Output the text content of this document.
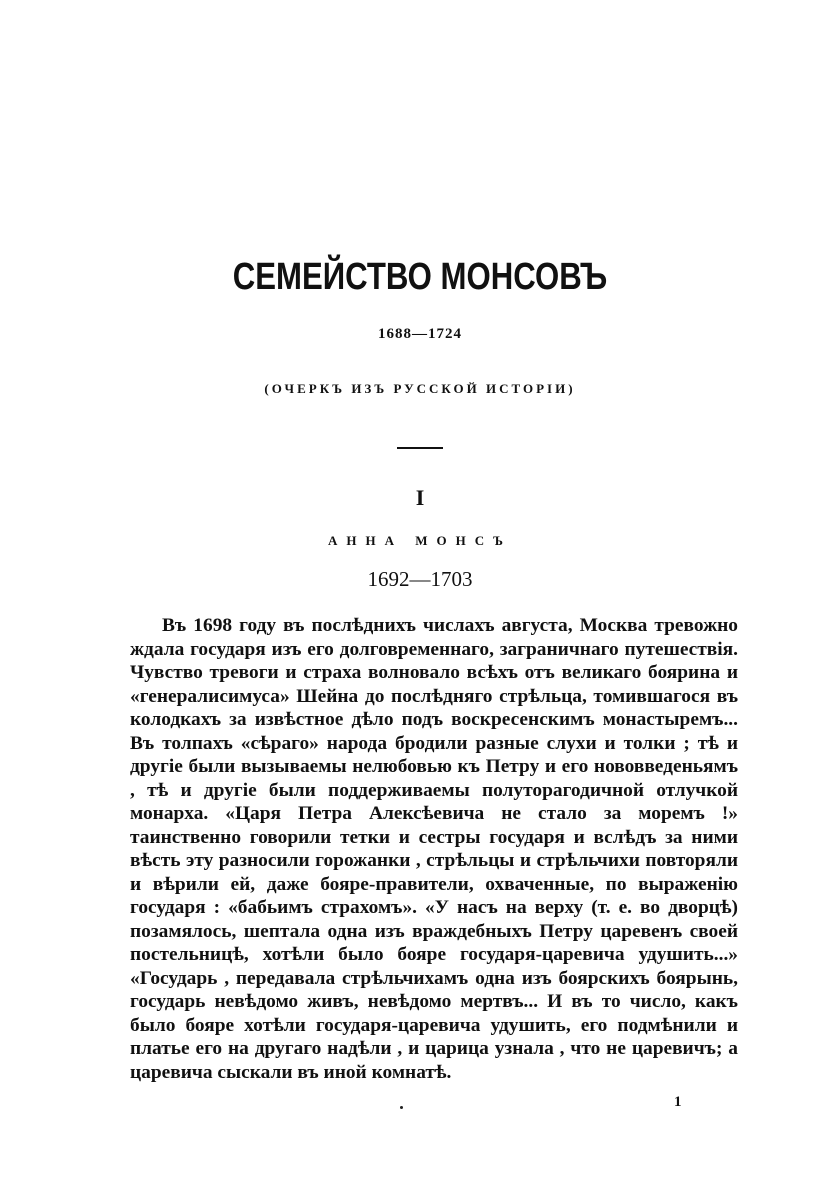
СЕМЕЙСТВО МОНСОВЪ
1688—1724
(ОЧЕРКЪ ИЗЪ РУССКОЙ ИСТОРІИ)
I
АННА МОНСЪ
1692—1703
Въ 1698 году въ послѣднихъ числахъ августа, Москва тревожно ждала государя изъ его долговременнаго, заграничнаго путешествія. Чувство тревоги и страха волновало всѣхъ отъ великаго боярина и «генералисимуса» Шейна до послѣдняго стрѣльца, томившагося въ колодкахъ за извѣстное дѣло подъ воскресенскимъ монастыремъ... Въ толпахъ «сѣраго» народа бродили разные слухи и толки ; тѣ и другіе были вызываемы нелюбовью къ Петру и его нововведеньямъ , тѣ и другіе были поддерживаемы полуторагодичной отлучкой монарха. «Царя Петра Алексѣевича не стало за моремъ !» таинственно говорили тетки и сестры государя и вслѣдъ за ними вѣсть эту разносили горожанки , стрѣльцы и стрѣльчихи повторяли и вѣрили ей, даже бояре-правители, охваченные, по выраженію государя : «бабьимъ страхомъ». «У насъ на верху (т. е. во дворцѣ) позамялось, шептала одна изъ враждебныхъ Петру царевенъ своей постельницѣ, хотѣли было бояре государя-царевича удушить...» «Государь , передавала стрѣльчихамъ одна изъ боярскихъ боярынь, государь невѣдомо живъ, невѣдомо мертвъ... И въ то число, какъ было бояре хотѣли государя-царевича удушить, его подмѣнили и платье его на другаго надѣли , и царица узнала , что не царевичъ; а царевича сыскали въ иной комнатѣ.
1
